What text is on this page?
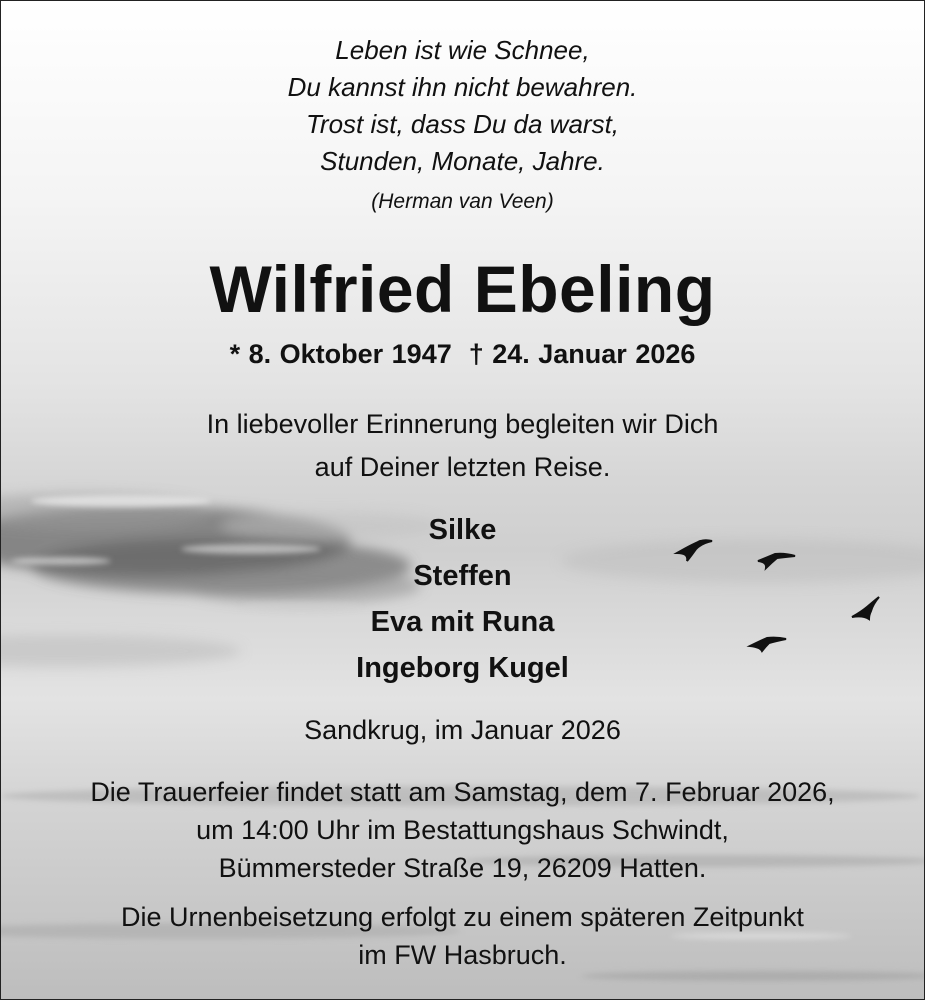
Leben ist wie Schnee,
Du kannst ihn nicht bewahren.
Trost ist, dass Du da warst,
Stunden, Monate, Jahre.
(Herman van Veen)
Wilfried Ebeling
* 8. Oktober 1947  † 24. Januar 2026
In liebevoller Erinnerung begleiten wir Dich
auf Deiner letzten Reise.
Silke
Steffen
Eva mit Runa
Ingeborg Kugel
Sandkrug, im Januar 2026
Die Trauerfeier findet statt am Samstag, dem 7. Februar 2026,
um 14:00 Uhr im Bestattungshaus Schwindt,
Bümmersteder Straße 19, 26209 Hatten.
Die Urnenbeisetzung erfolgt zu einem späteren Zeitpunkt
im FW Hasbruch.
